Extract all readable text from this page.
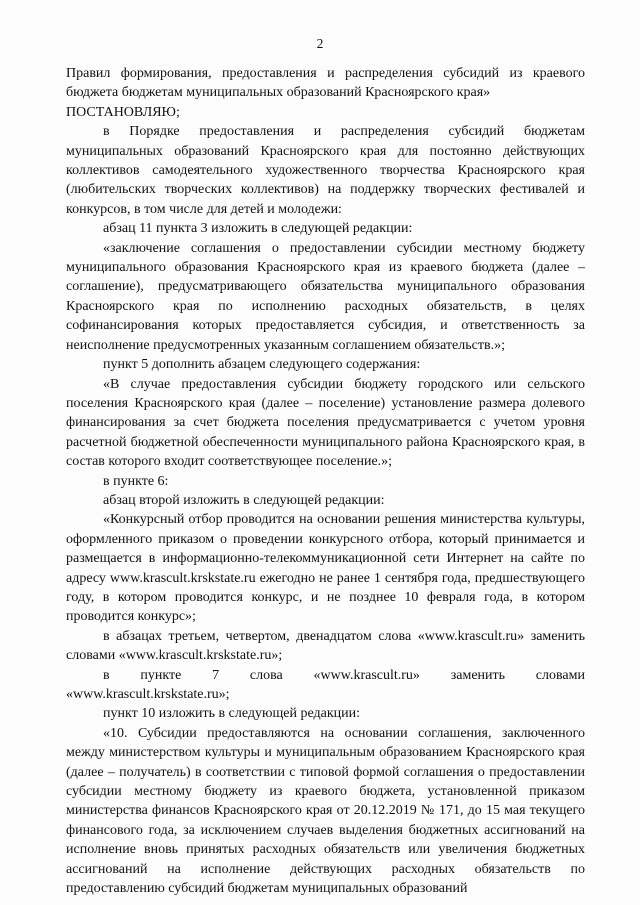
2

Правил формирования, предоставления и распределения субсидий из краевого бюджета бюджетам муниципальных образований Красноярского края»

ПОСТАНОВЛЯЮ;

в Порядке предоставления и распределения субсидий бюджетам муниципальных образований Красноярского края для постоянно действующих коллективов самодеятельного художественного творчества Красноярского края (любительских творческих коллективов) на поддержку творческих фестивалей и конкурсов, в том числе для детей и молодежи:

абзац 11 пункта 3 изложить в следующей редакции:

«заключение соглашения о предоставлении субсидии местному бюджету муниципального образования Красноярского края из краевого бюджета (далее – соглашение), предусматривающего обязательства муниципального образования Красноярского края по исполнению расходных обязательств, в целях софинансирования которых предоставляется субсидия, и ответственность за неисполнение предусмотренных указанным соглашением обязательств.»;

пункт 5 дополнить абзацем следующего содержания:

«В случае предоставления субсидии бюджету городского или сельского поселения Красноярского края (далее – поселение) установление размера долевого финансирования за счет бюджета поселения предусматривается с учетом уровня расчетной бюджетной обеспеченности муниципального района Красноярского края, в состав которого входит соответствующее поселение.»;

в пункте 6:

абзац второй изложить в следующей редакции:

«Конкурсный отбор проводится на основании решения министерства культуры, оформленного приказом о проведении конкурсного отбора, который принимается и размещается в информационно-телекоммуникационной сети Интернет на сайте по адресу www.krascult.krskstate.ru ежегодно не ранее 1 сентября года, предшествующего году, в котором проводится конкурс, и не позднее 10 февраля года, в котором проводится конкурс»;

в абзацах третьем, четвертом, двенадцатом слова «www.krascult.ru» заменить словами «www.krascult.krskstate.ru»;

в пункте 7 слова «www.krascult.ru» заменить словами «www.krascult.krskstate.ru»;

пункт 10 изложить в следующей редакции:

«10. Субсидии предоставляются на основании соглашения, заключенного между министерством культуры и муниципальным образованием Красноярского края (далее – получатель) в соответствии с типовой формой соглашения о предоставлении субсидии местному бюджету из краевого бюджета, установленной приказом министерства финансов Красноярского края от 20.12.2019 № 171, до 15 мая текущего финансового года, за исключением случаев выделения бюджетных ассигнований на исполнение вновь принятых расходных обязательств или увеличения бюджетных ассигнований на исполнение действующих расходных обязательств по предоставлению субсидий бюджетам муниципальных образований
